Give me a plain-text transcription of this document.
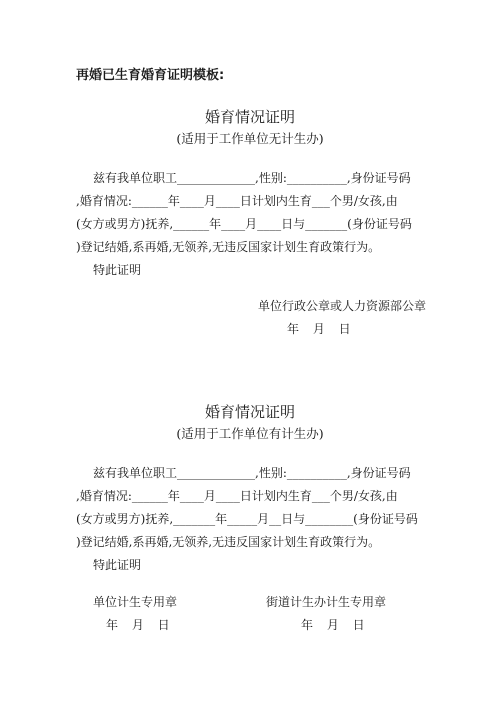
再婚已生育婚育证明模板:
婚育情况证明
(适用于工作单位无计生办)
兹有我单位职工_____________,性别:__________,身份证号码
,婚育情况:______年____月____日计划内生育___个男/女孩,由
(女方或男方)抚养,______年____月____日与_______(身份证号码
)登记结婚,系再婚,无领养,无违反国家计划生育政策行为。
特此证明
单位行政公章或人力资源部公章
年 月 日
婚育情况证明
(适用于工作单位有计生办)
兹有我单位职工_____________,性别:__________,身份证号码
,婚育情况:______年____月____日计划内生育___个男/女孩,由
(女方或男方)抚养,_______年_____月__日与________(身份证号码
)登记结婚,系再婚,无领养,无违反国家计划生育政策行为。
特此证明
单位计生专用章
年 月 日
街道计生办计生专用章
年 月 日
